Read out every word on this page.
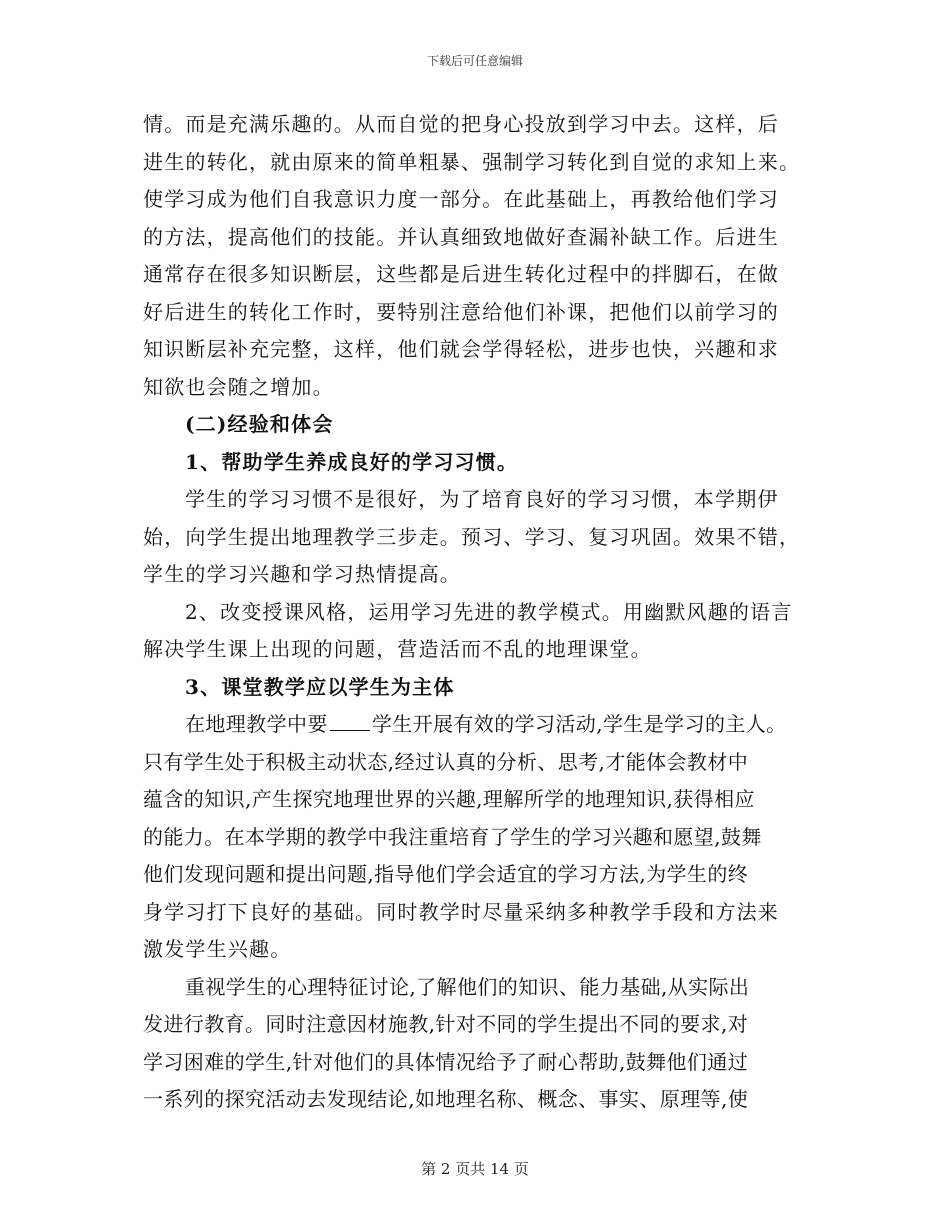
下载后可任意编辑
情。而是充满乐趣的。从而自觉的把身心投放到学习中去。这样，后
进生的转化，就由原来的简单粗暴、强制学习转化到自觉的求知上来。
使学习成为他们自我意识力度一部分。在此基础上，再教给他们学习
的方法，提高他们的技能。并认真细致地做好查漏补缺工作。后进生
通常存在很多知识断层，这些都是后进生转化过程中的拌脚石，在做
好后进生的转化工作时，要特别注意给他们补课，把他们以前学习的
知识断层补充完整，这样，他们就会学得轻松，进步也快，兴趣和求
知欲也会随之增加。
(二)经验和体会
1、帮助学生养成良好的学习习惯。
学生的学习习惯不是很好，为了培育良好的学习习惯，本学期伊
始，向学生提出地理教学三步走。预习、学习、复习巩固。效果不错，
学生的学习兴趣和学习热情提高。
2、改变授课风格，运用学习先进的教学模式。用幽默风趣的语言
解决学生课上出现的问题，营造活而不乱的地理课堂。
3、课堂教学应以学生为主体
在地理教学中要 学生开展有效的学习活动,学生是学习的主人。
只有学生处于积极主动状态,经过认真的分析、思考,才能体会教材中
蕴含的知识,产生探究地理世界的兴趣,理解所学的地理知识,获得相应
的能力。在本学期的教学中我注重培育了学生的学习兴趣和愿望,鼓舞
他们发现问题和提出问题,指导他们学会适宜的学习方法,为学生的终
身学习打下良好的基础。同时教学时尽量采纳多种教学手段和方法来
激发学生兴趣。
重视学生的心理特征讨论,了解他们的知识、能力基础,从实际出
发进行教育。同时注意因材施教,针对不同的学生提出不同的要求,对
学习困难的学生,针对他们的具体情况给予了耐心帮助,鼓舞他们通过
一系列的探究活动去发现结论,如地理名称、概念、事实、原理等,使
第 2 页共 14 页
